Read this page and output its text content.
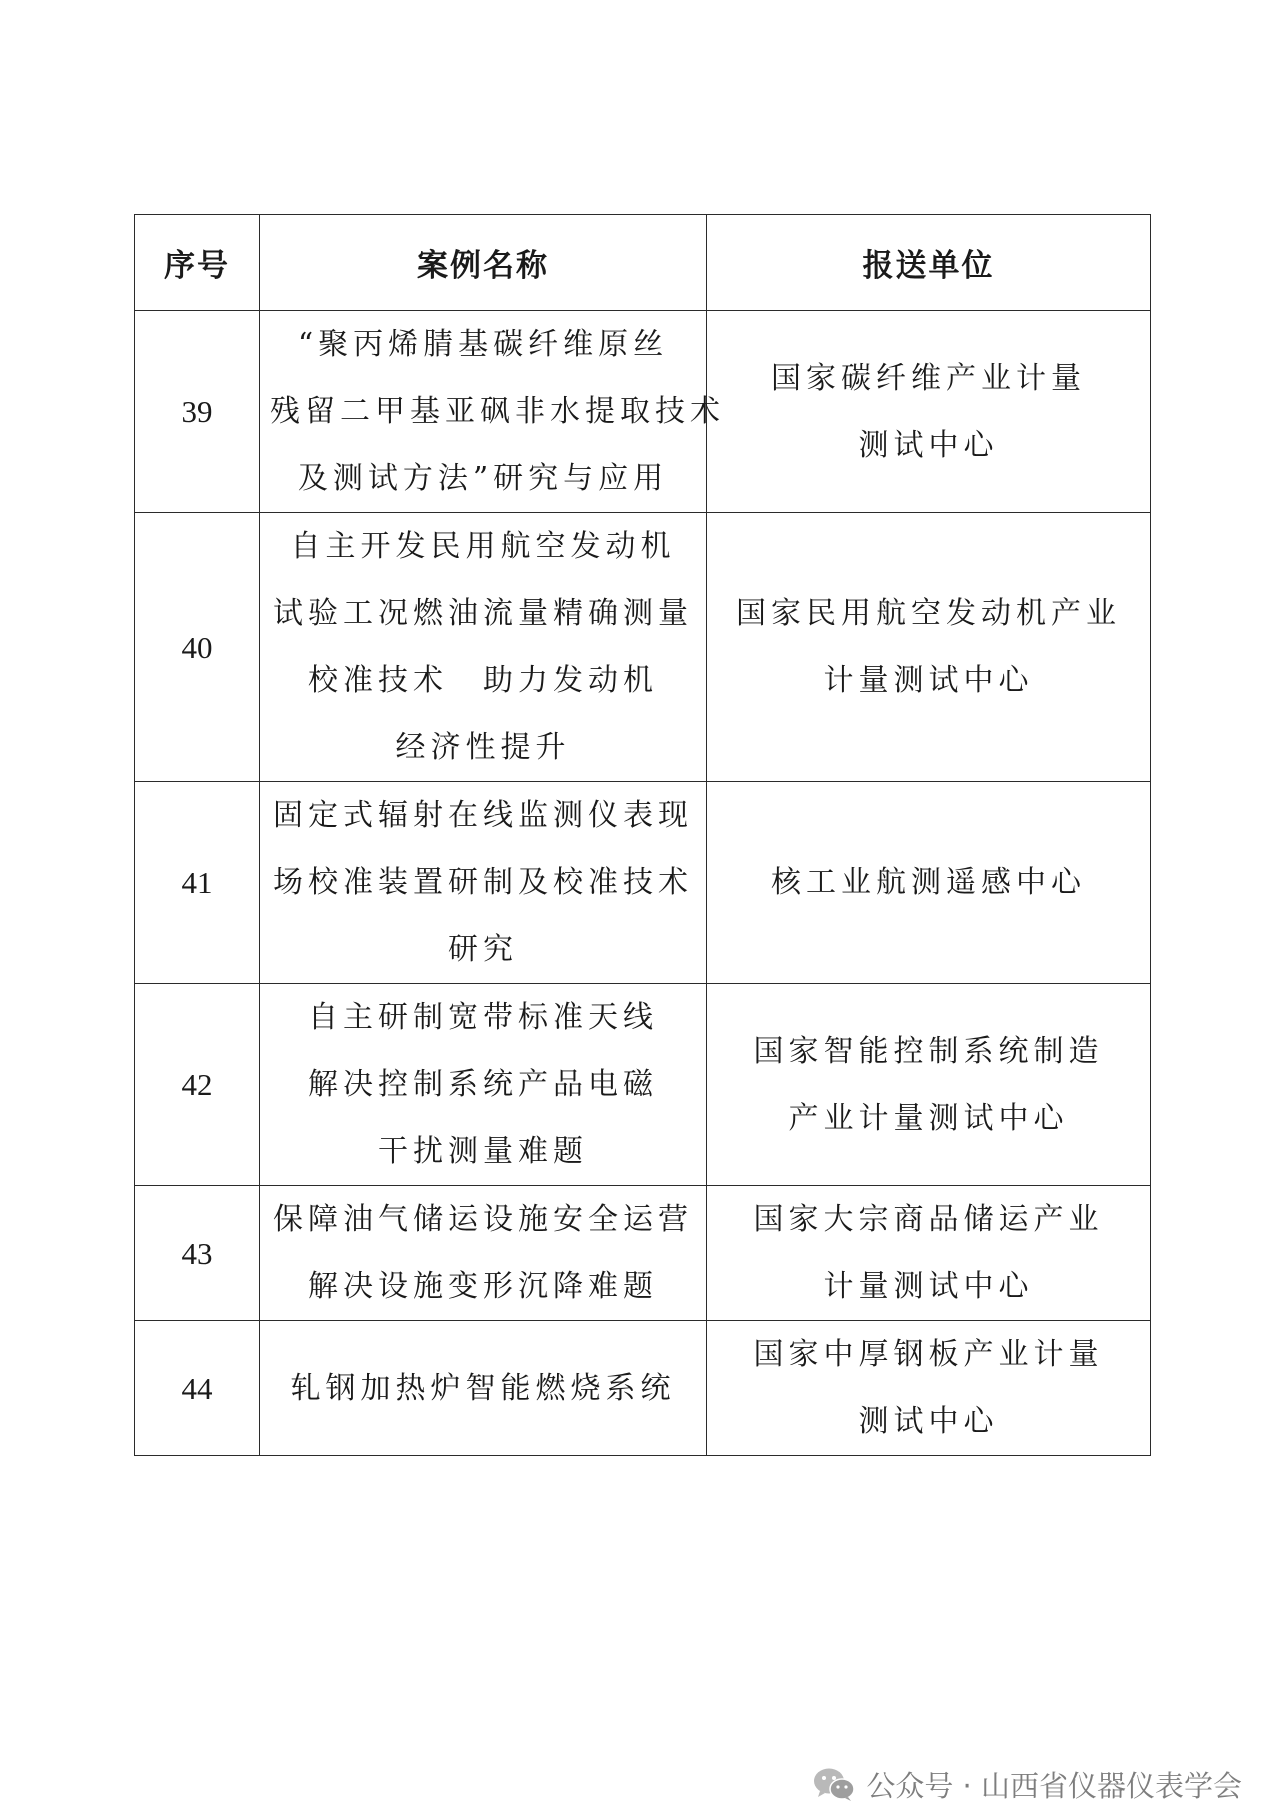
序号	案例名称	报送单位
39	“聚丙烯腈基碳纤维原丝
残留二甲基亚砜非水提取技术
及测试方法”研究与应用	国家碳纤维产业计量
测试中心

40	自主开发民用航空发动机
试验工况燃油流量精确测量
校准技术　助力发动机
经济性提升	国家民用航空发动机产业
计量测试中心

41	固定式辐射在线监测仪表现
场校准装置研制及校准技术
研究	核工业航测遥感中心

42	自主研制宽带标准天线
解决控制系统产品电磁
干扰测量难题	国家智能控制系统制造
产业计量测试中心

43	保障油气储运设施安全运营
解决设施变形沉降难题	国家大宗商品储运产业
计量测试中心

44	轧钢加热炉智能燃烧系统	国家中厚钢板产业计量
测试中心
公众号 · 山西省仪器仪表学会
